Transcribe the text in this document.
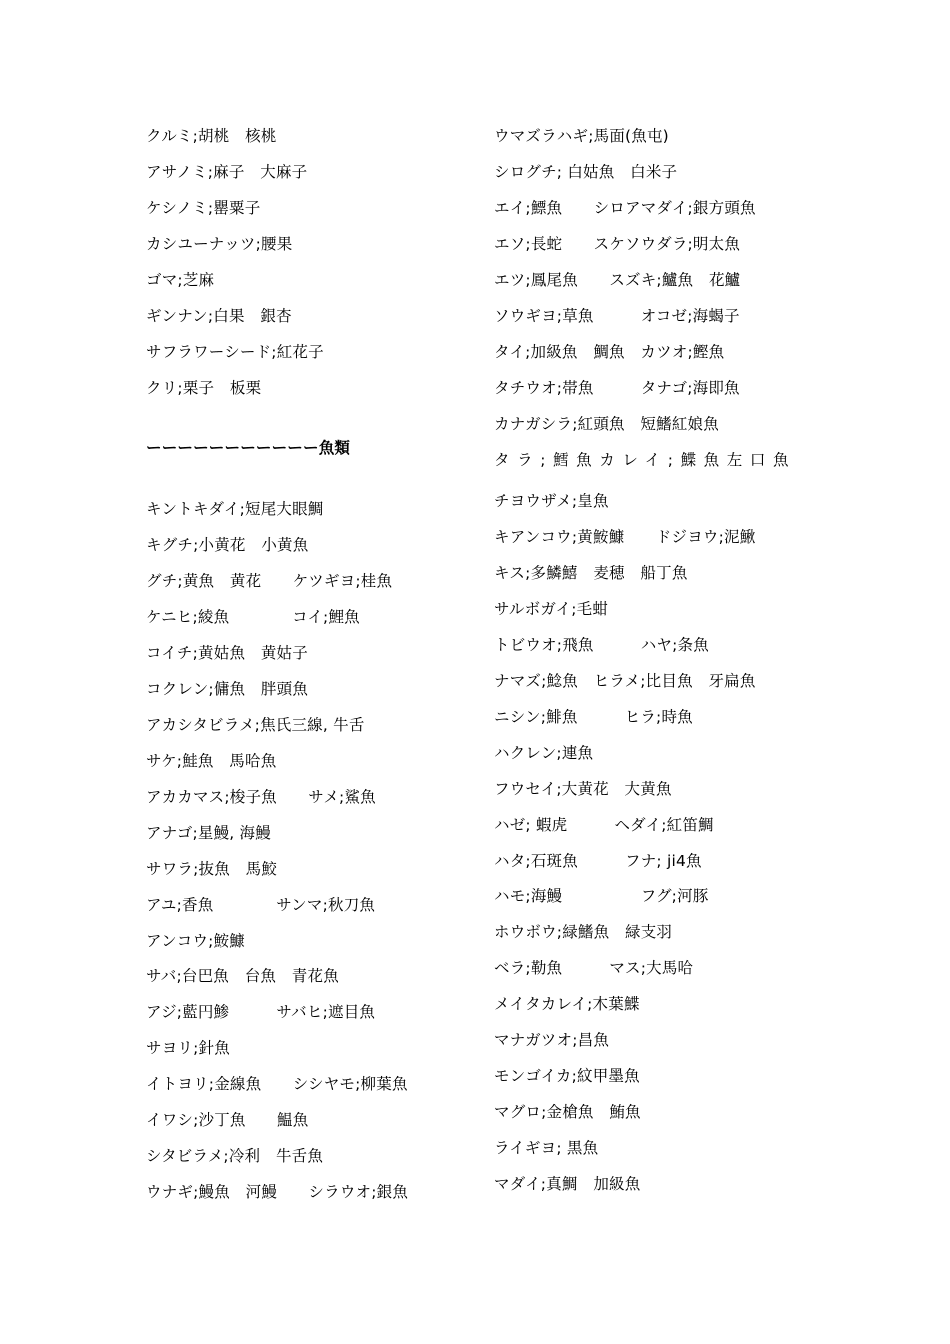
クルミ;胡桃　核桃
アサノミ;麻子　大麻子
ケシノミ;罌粟子
カシユーナッツ;腰果
ゴマ;芝麻
ギンナン;白果　銀杏
サフラワーシード;紅花子
クリ;栗子　板栗
ーーーーーーーーーーー魚類
キントキダイ;短尾大眼鯛
キグチ;小黄花　小黄魚
グチ;黄魚　黄花　　ケツギヨ;桂魚
ケニヒ;綾魚　　　　コイ;鯉魚
コイチ;黄姑魚　黄姑子
コクレン;傭魚　胖頭魚
アカシタビラメ;焦氏三線, 牛舌
サケ;鮭魚　馬哈魚
アカカマス;梭子魚　　サメ;鯊魚
アナゴ;星鰻, 海鰻
サワラ;抜魚　馬鮫
アユ;香魚　　　　サンマ;秋刀魚
アンコウ;鮟鱇
サバ;台巴魚　台魚　青花魚
アジ;藍円鯵　　　サバヒ;遮目魚
サヨリ;針魚
イトヨリ;金線魚　　シシヤモ;柳葉魚
イワシ;沙丁魚　　鰛魚
シタビラメ;冷利　牛舌魚
ウナギ;鰻魚　河鰻　　シラウオ;銀魚
ウマズラハギ;馬面(魚屯)
シログチ; 白姑魚　白米子
エイ;鰾魚　　シロアマダイ;銀方頭魚
エソ;長蛇　　スケソウダラ;明太魚
エツ;鳳尾魚　　スズキ;鱸魚　花鱸
ソウギヨ;草魚　　　オコゼ;海蝎子
タイ;加級魚　鯛魚　カツオ;鰹魚
タチウオ;帯魚　　　タナゴ;海即魚
カナガシラ;紅頭魚　短鰭紅娘魚
タラ;鱈魚カレイ;鰈魚左口魚
チヨウザメ;皇魚
キアンコウ;黄鮟鱇　　ドジヨウ;泥鰍
キス;多鱗鱚　麦穂　船丁魚
サルボガイ;毛蚶
トビウオ;飛魚　　　ハヤ;条魚
ナマズ;鯰魚　ヒラメ;比目魚　牙扁魚
ニシン;鯡魚　　　ヒラ;時魚
ハクレン;連魚
フウセイ;大黄花　大黄魚
ハゼ; 蝦虎　　　ヘダイ;紅笛鯛
ハタ;石斑魚　　　フナ; ji4魚
ハモ;海鰻　　　　　フグ;河豚
ホウボウ;緑鰭魚　緑支羽
ベラ;勒魚　　　マス;大馬哈
メイタカレイ;木葉鰈
マナガツオ;昌魚
モンゴイカ;紋甲墨魚
マグロ;金槍魚　鮪魚
ライギヨ; 黒魚
マダイ;真鯛　加級魚
